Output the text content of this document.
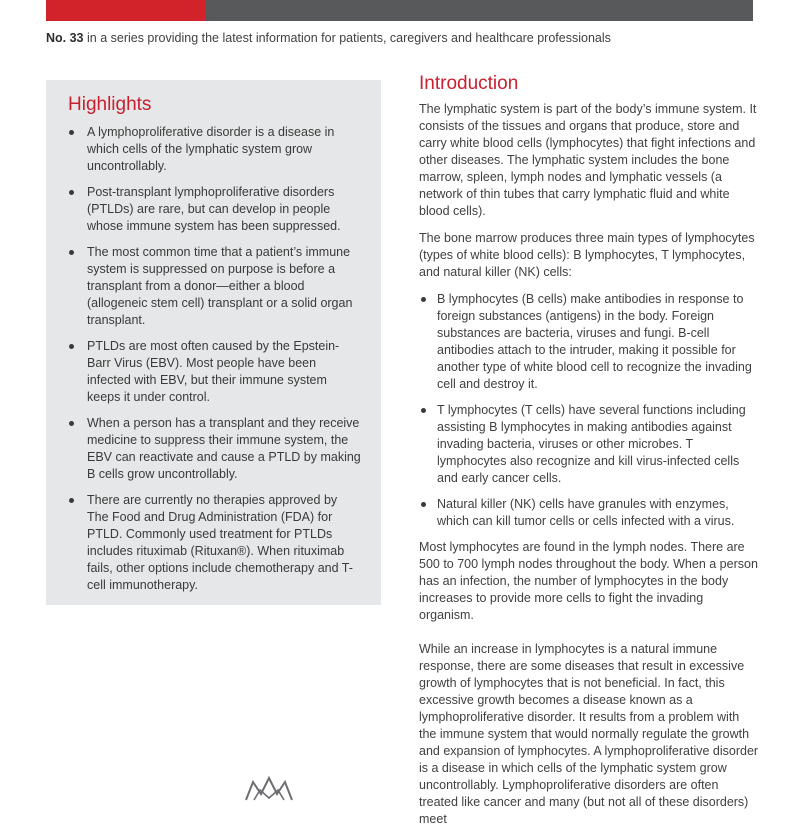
No. 33 in a series providing the latest information for patients, caregivers and healthcare professionals
Highlights
A lymphoproliferative disorder is a disease in which cells of the lymphatic system grow uncontrollably.
Post-transplant lymphoproliferative disorders (PTLDs) are rare, but can develop in people whose immune system has been suppressed.
The most common time that a patient’s immune system is suppressed on purpose is before a transplant from a donor—either a blood (allogeneic stem cell) transplant or a solid organ transplant.
PTLDs are most often caused by the Epstein-Barr Virus (EBV). Most people have been infected with EBV, but their immune system keeps it under control.
When a person has a transplant and they receive medicine to suppress their immune system, the EBV can reactivate and cause a PTLD by making B cells grow uncontrollably.
There are currently no therapies approved by The Food and Drug Administration (FDA) for PTLD. Commonly used treatment for PTLDs includes rituximab (Rituxan®). When rituximab fails, other options include chemotherapy and T-cell immunotherapy.
Introduction

The lymphatic system is part of the body’s immune system. It consists of the tissues and organs that produce, store and carry white blood cells (lymphocytes) that fight infections and other diseases. The lymphatic system includes the bone marrow, spleen, lymph nodes and lymphatic vessels (a network of thin tubes that carry lymphatic fluid and white blood cells).

The bone marrow produces three main types of lymphocytes (types of white blood cells): B lymphocytes, T lymphocytes, and natural killer (NK) cells:

B lymphocytes (B cells) make antibodies in response to foreign substances (antigens) in the body. Foreign substances are bacteria, viruses and fungi. B-cell antibodies attach to the intruder, making it possible for another type of white blood cell to recognize the invading cell and destroy it.
T lymphocytes (T cells) have several functions including assisting B lymphocytes in making antibodies against invading bacteria, viruses or other microbes. T lymphocytes also recognize and kill virus-infected cells and early cancer cells.
Natural killer (NK) cells have granules with enzymes, which can kill tumor cells or cells infected with a virus.

Most lymphocytes are found in the lymph nodes. There are 500 to 700 lymph nodes throughout the body. When a person has an infection, the number of lymphocytes in the body increases to provide more cells to fight the invading organism.

While an increase in lymphocytes is a natural immune response, there are some diseases that result in excessive growth of lymphocytes that is not beneficial. In fact, this excessive growth becomes a disease known as a lymphoproliferative disorder. It results from a problem with the immune system that would normally regulate the growth and expansion of lymphocytes. A lymphoproliferative disorder is a disease in which cells of the lymphatic system grow uncontrollably. Lymphoproliferative disorders are often treated like cancer and many (but not all of these disorders) meet
